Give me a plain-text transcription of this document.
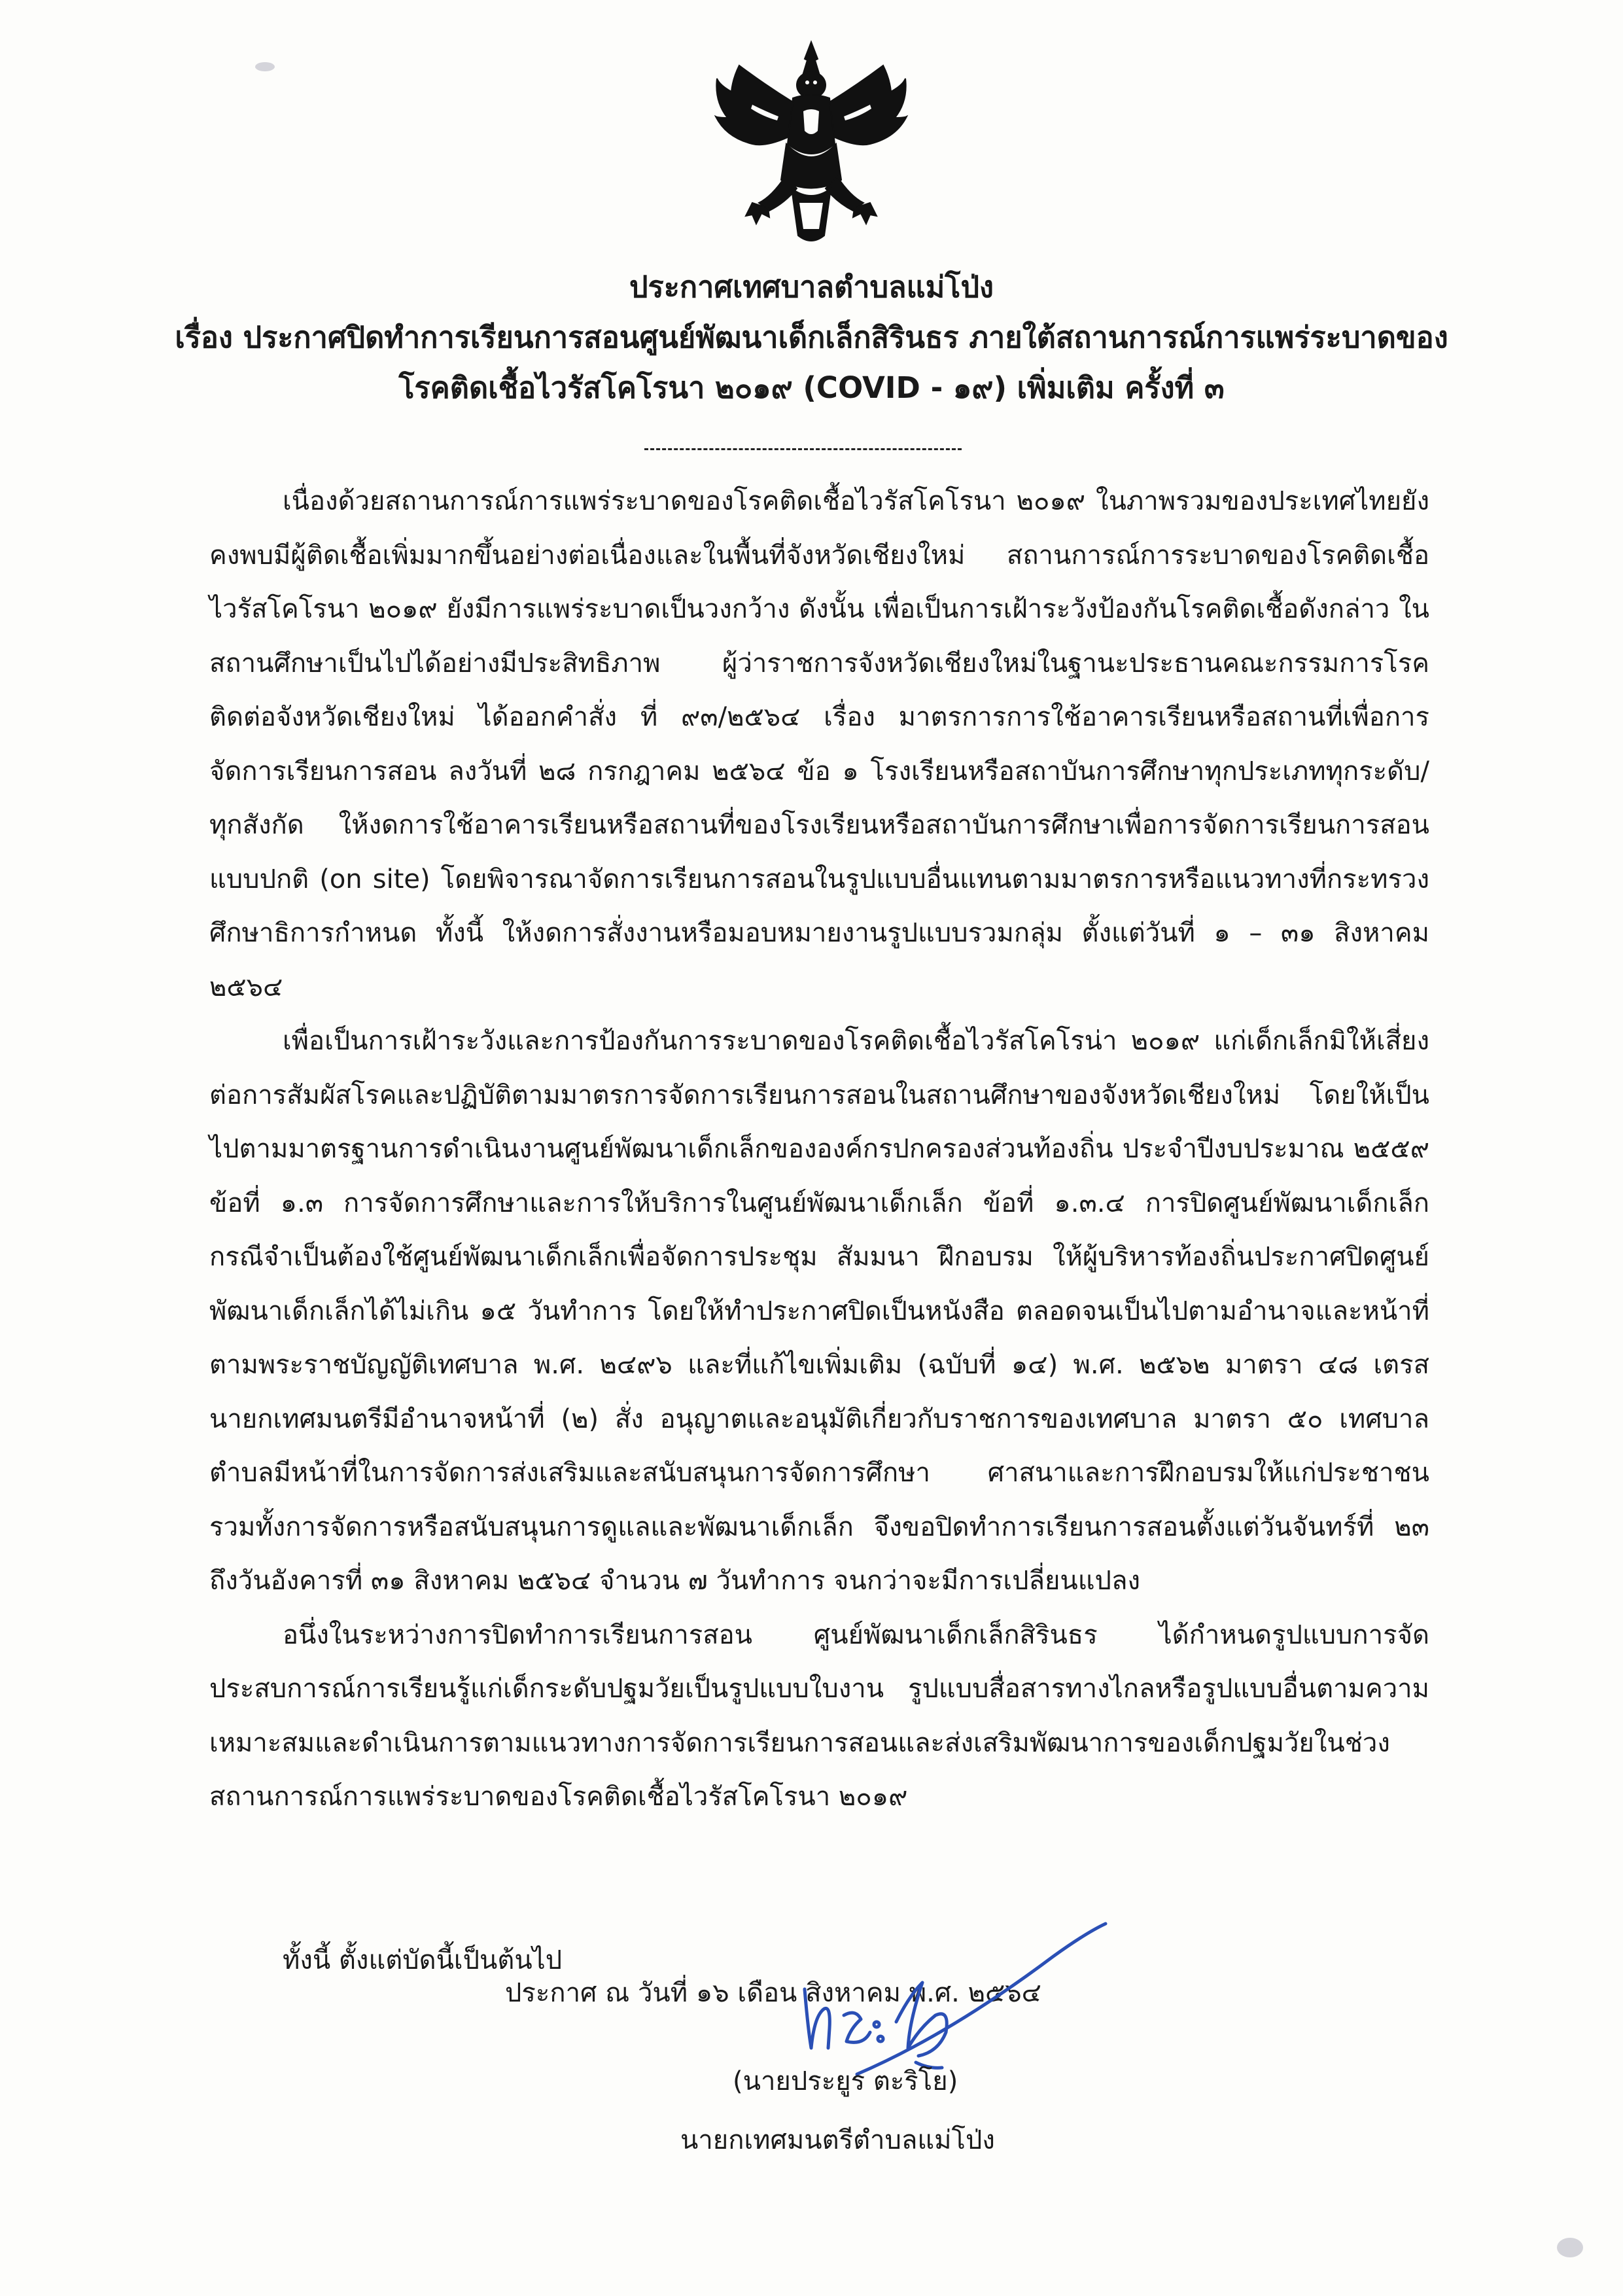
ประกาศเทศบาลตำบลแม่โป่ง
เรื่อง ประกาศปิดทำการเรียนการสอนศูนย์พัฒนาเด็กเล็กสิรินธร ภายใต้สถานการณ์การแพร่ระบาดของ
โรคติดเชื้อไวรัสโคโรนา ๒๐๑๙ (COVID - ๑๙) เพิ่มเติม ครั้งที่ ๓

เนื่องด้วยสถานการณ์การแพร่ระบาดของโรคติดเชื้อไวรัสโคโรนา ๒๐๑๙ ในภาพรวมของประเทศไทยยังคงพบมีผู้ติดเชื้อเพิ่มมากขึ้นอย่างต่อเนื่องและในพื้นที่จังหวัดเชียงใหม่ สถานการณ์การระบาดของโรคติดเชื้อไวรัสโคโรนา ๒๐๑๙ ยังมีการแพร่ระบาดเป็นวงกว้าง ดังนั้น เพื่อเป็นการเฝ้าระวังป้องกันโรคติดเชื้อดังกล่าว ในสถานศึกษาเป็นไปได้อย่างมีประสิทธิภาพ ผู้ว่าราชการจังหวัดเชียงใหม่ในฐานะประธานคณะกรรมการโรคติดต่อจังหวัดเชียงใหม่ ได้ออกคำสั่ง ที่ ๙๓/๒๕๖๔ เรื่อง มาตรการการใช้อาคารเรียนหรือสถานที่เพื่อการจัดการเรียนการสอน ลงวันที่ ๒๘ กรกฎาคม ๒๕๖๔ ข้อ ๑ โรงเรียนหรือสถาบันการศึกษาทุกประเภททุกระดับ/ทุกสังกัด ให้งดการใช้อาคารเรียนหรือสถานที่ของโรงเรียนหรือสถาบันการศึกษาเพื่อการจัดการเรียนการสอนแบบปกติ (on site) โดยพิจารณาจัดการเรียนการสอนในรูปแบบอื่นแทนตามมาตรการหรือแนวทางที่กระทรวงศึกษาธิการกำหนด ทั้งนี้ ให้งดการสั่งงานหรือมอบหมายงานรูปแบบรวมกลุ่ม ตั้งแต่วันที่ ๑ – ๓๑ สิงหาคม ๒๕๖๔

เพื่อเป็นการเฝ้าระวังและการป้องกันการระบาดของโรคติดเชื้อไวรัสโคโรน่า ๒๐๑๙ แก่เด็กเล็กมิให้เสี่ยงต่อการสัมผัสโรคและปฏิบัติตามมาตรการจัดการเรียนการสอนในสถานศึกษาของจังหวัดเชียงใหม่ โดยให้เป็นไปตามมาตรฐานการดำเนินงานศูนย์พัฒนาเด็กเล็กขององค์กรปกครองส่วนท้องถิ่น ประจำปีงบประมาณ ๒๕๕๙ ข้อที่ ๑.๓ การจัดการศึกษาและการให้บริการในศูนย์พัฒนาเด็กเล็ก ข้อที่ ๑.๓.๔ การปิดศูนย์พัฒนาเด็กเล็ก กรณีจำเป็นต้องใช้ศูนย์พัฒนาเด็กเล็กเพื่อจัดการประชุม สัมมนา ฝึกอบรม ให้ผู้บริหารท้องถิ่นประกาศปิดศูนย์พัฒนาเด็กเล็กได้ไม่เกิน ๑๕ วันทำการ โดยให้ทำประกาศปิดเป็นหนังสือ ตลอดจนเป็นไปตามอำนาจและหน้าที่ตามพระราชบัญญัติเทศบาล พ.ศ. ๒๔๙๖ และที่แก้ไขเพิ่มเติม (ฉบับที่ ๑๔) พ.ศ. ๒๕๖๒ มาตรา ๔๘ เตรส นายกเทศมนตรีมีอำนาจหน้าที่ (๒) สั่ง อนุญาตและอนุมัติเกี่ยวกับราชการของเทศบาล มาตรา ๕๐ เทศบาลตำบลมีหน้าที่ในการจัดการส่งเสริมและสนับสนุนการจัดการศึกษา ศาสนาและการฝึกอบรมให้แก่ประชาชน รวมทั้งการจัดการหรือสนับสนุนการดูแลและพัฒนาเด็กเล็ก จึงขอปิดทำการเรียนการสอนตั้งแต่วันจันทร์ที่ ๒๓ ถึงวันอังคารที่ ๓๑ สิงหาคม ๒๕๖๔ จำนวน ๗ วันทำการ จนกว่าจะมีการเปลี่ยนแปลง

อนึ่งในระหว่างการปิดทำการเรียนการสอน ศูนย์พัฒนาเด็กเล็กสิรินธร ได้กำหนดรูปแบบการจัดประสบการณ์การเรียนรู้แก่เด็กระดับปฐมวัยเป็นรูปแบบใบงาน รูปแบบสื่อสารทางไกลหรือรูปแบบอื่นตามความเหมาะสมและดำเนินการตามแนวทางการจัดการเรียนการสอนและส่งเสริมพัฒนาการของเด็กปฐมวัยในช่วงสถานการณ์การแพร่ระบาดของโรคติดเชื้อไวรัสโคโรนา ๒๐๑๙

ทั้งนี้ ตั้งแต่บัดนี้เป็นต้นไป
ประกาศ ณ วันที่ ๑๖ เดือน สิงหาคม พ.ศ. ๒๕๖๔
(นายประยูร ตะริโย)
นายกเทศมนตรีตำบลแม่โป่ง
